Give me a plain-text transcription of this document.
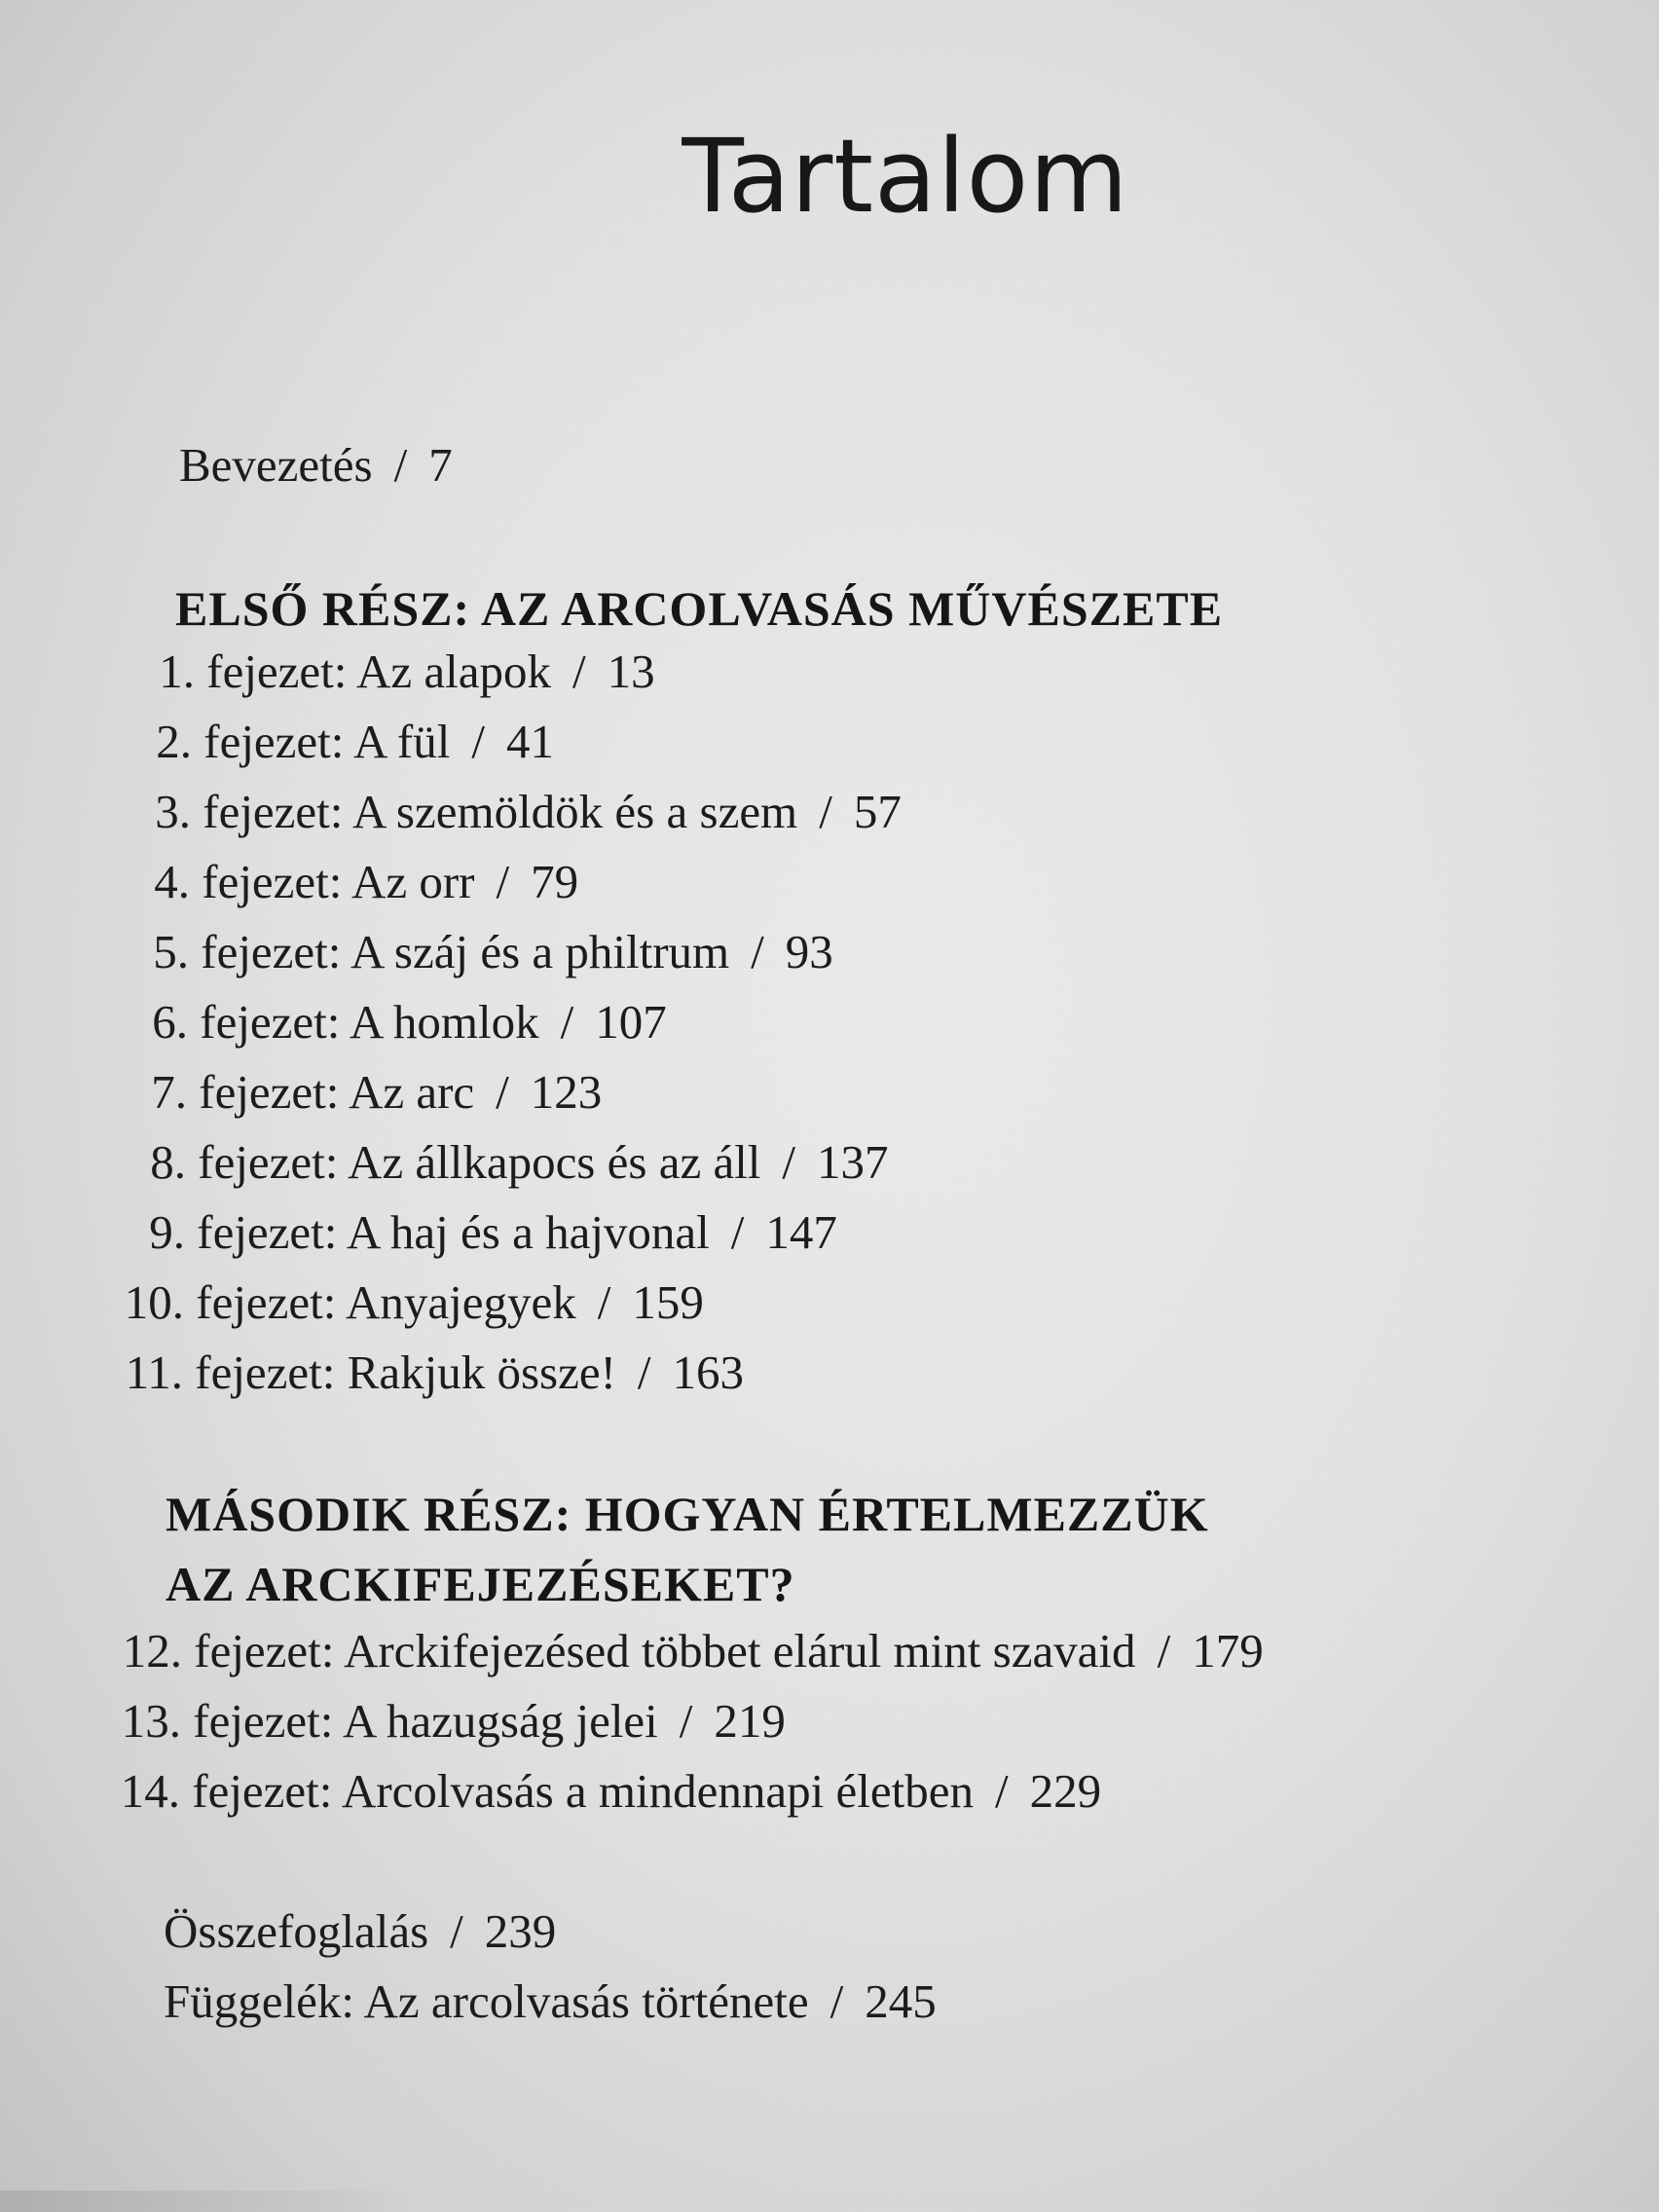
Tartalom
Bevezetés / 7
ELSŐ RÉSZ: AZ ARCOLVASÁS MŰVÉSZETE
1. fejezet: Az alapok / 13
2. fejezet: A fül / 41
3. fejezet: A szemöldök és a szem / 57
4. fejezet: Az orr / 79
5. fejezet: A száj és a philtrum / 93
6. fejezet: A homlok / 107
7. fejezet: Az arc / 123
8. fejezet: Az állkapocs és az áll / 137
9. fejezet: A haj és a hajvonal / 147
10. fejezet: Anyajegyek / 159
11. fejezet: Rakjuk össze! / 163
MÁSODIK RÉSZ: HOGYAN ÉRTELMEZZÜK
AZ ARCKIFEJEZÉSEKET?
12. fejezet: Arckifejezésed többet elárul mint szavaid / 179
13. fejezet: A hazugság jelei / 219
14. fejezet: Arcolvasás a mindennapi életben / 229
Összefoglalás / 239
Függelék: Az arcolvasás története / 245
